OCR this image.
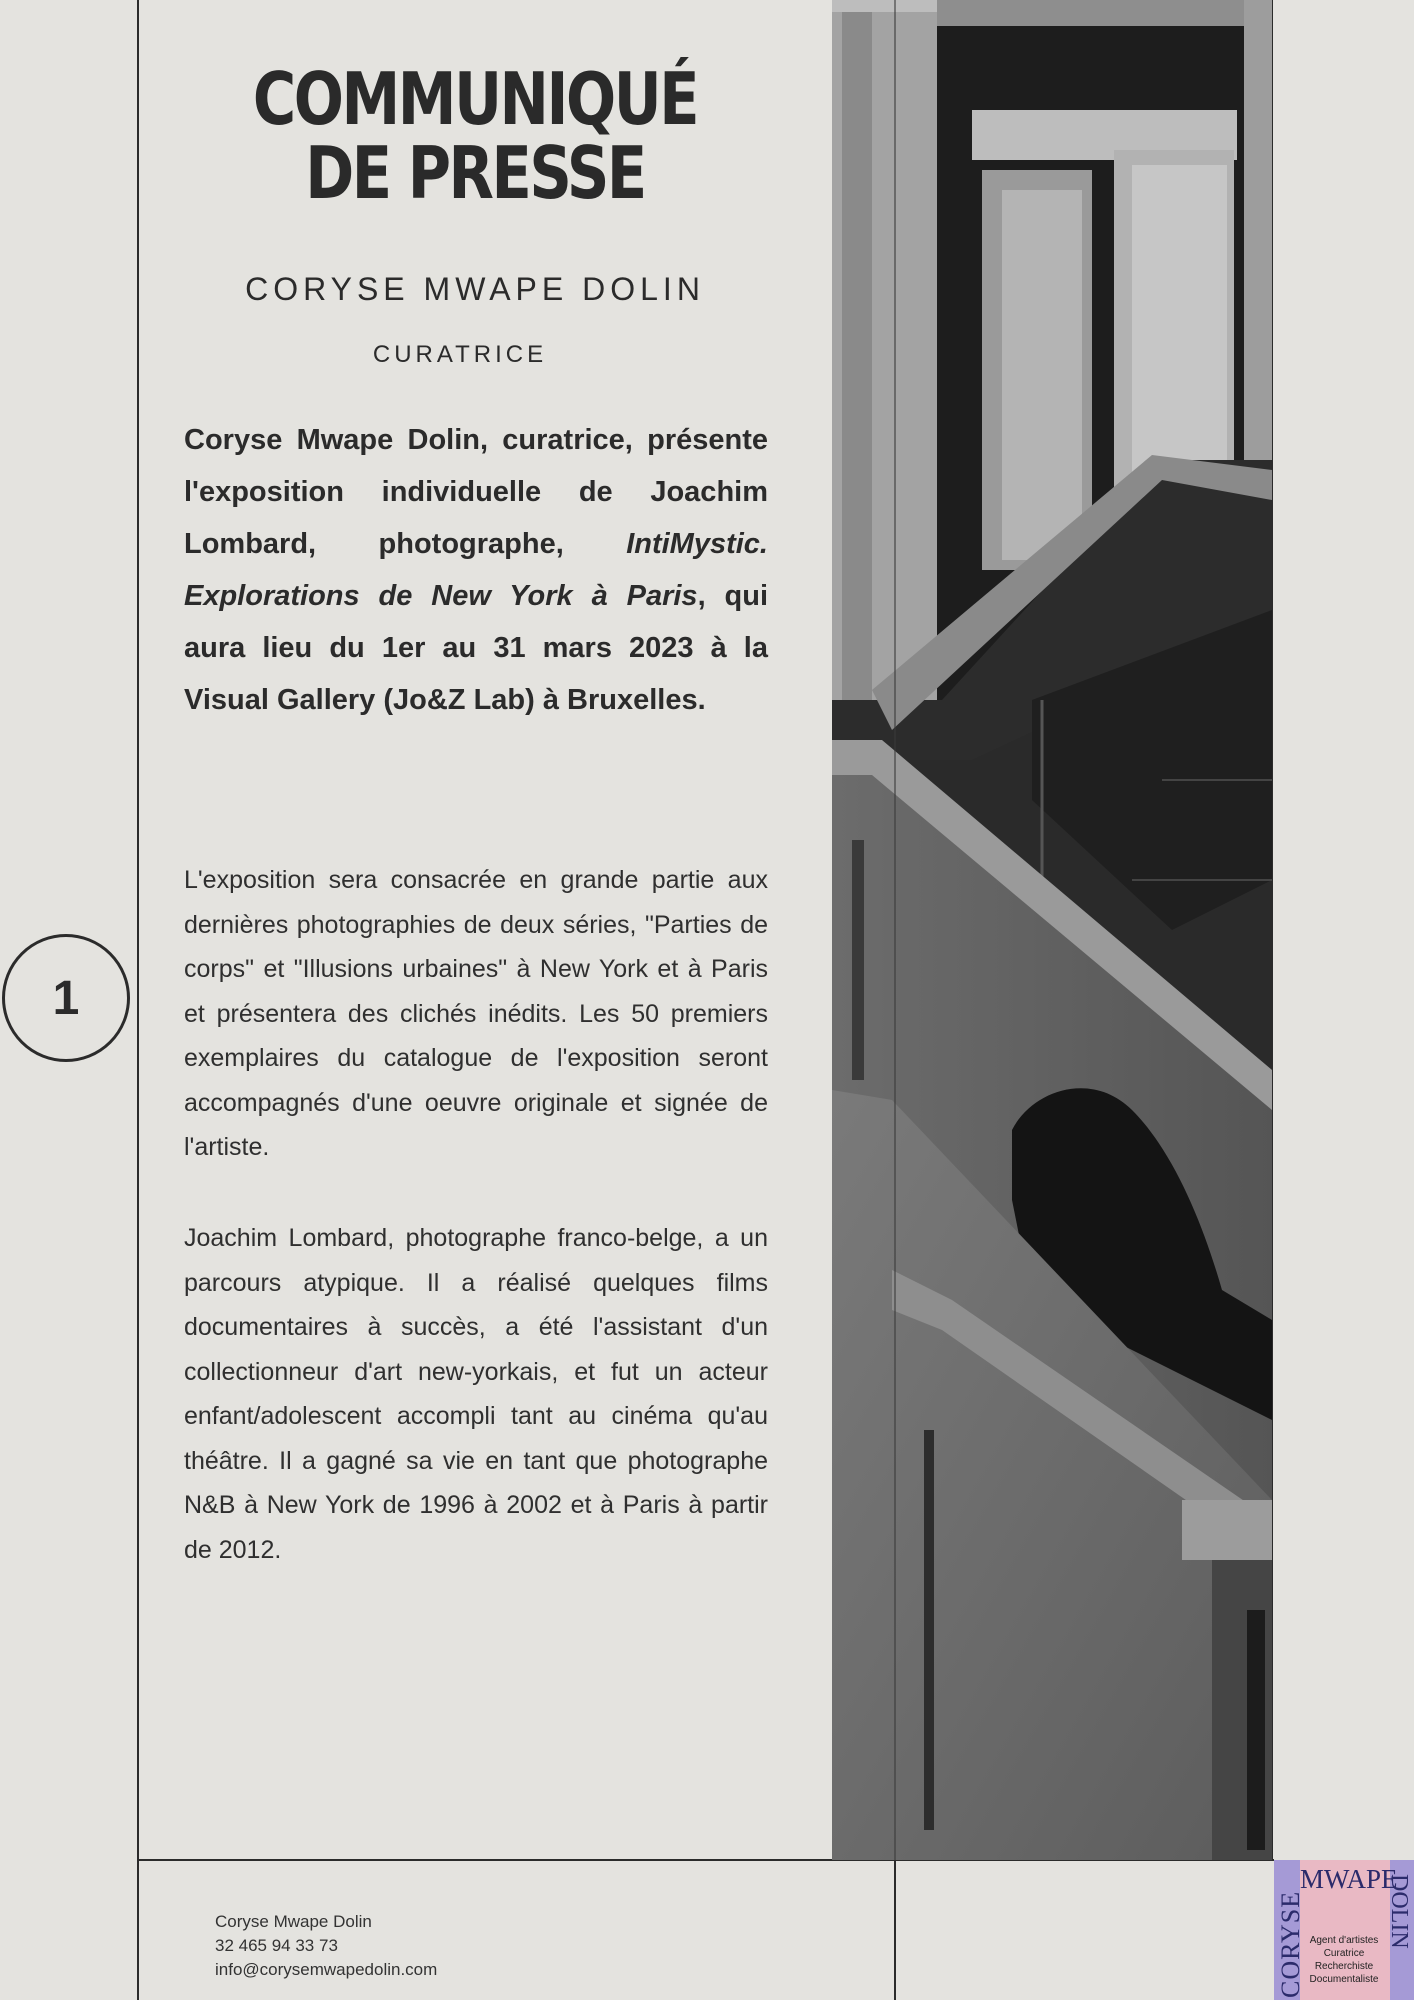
COMMUNIQUÉ DE PRESSE
CORYSE MWAPE DOLIN
CURATRICE

Coryse Mwape Dolin, curatrice, présente l'exposition individuelle de Joachim Lombard, photographe, IntiMystic. Explorations de New York à Paris, qui aura lieu du 1er au 31 mars 2023 à la Visual Gallery (Jo&Z Lab) à Bruxelles.

L'exposition sera consacrée en grande partie aux dernières photographies de deux séries, "Parties de corps" et "Illusions urbaines" à New York et à Paris et présentera des clichés inédits. Les 50 premiers exemplaires du catalogue de l'exposition seront accompagnés d'une oeuvre originale et signée de l'artiste.

Joachim Lombard, photographe franco-belge, a un parcours atypique. Il a réalisé quelques films documentaires à succès, a été l'assistant d'un collectionneur d'art new-yorkais, et fut un acteur enfant/adolescent accompli tant au cinéma qu'au théâtre. Il a gagné sa vie en tant que photographe N&B à New York de 1996 à 2002 et à Paris à partir de 2012.

1
Coryse Mwape Dolin
32 465 94 33 73
info@corysemwapedolin.com
MWAPE
CORYSE	DOLIN
Agent d'artistes
Curatrice
Recherchiste
Documentaliste
